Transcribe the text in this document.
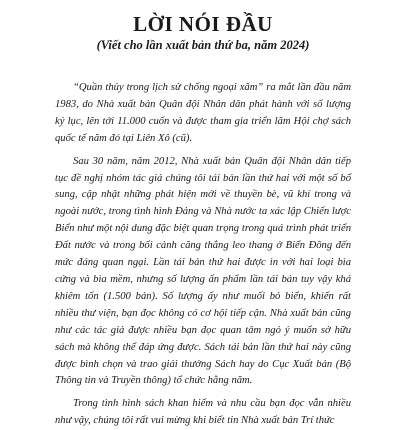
LỜI NÓI ĐẦU
(Viết cho lần xuất bản thứ ba, năm 2024)

“Quần thủy trong lịch sử chống ngoại xâm” ra mắt lần đầu năm 1983, do Nhà xuất bản Quân đội Nhân dân phát hành với số lượng kỷ lục, lên tới 11.000 cuốn và được tham gia triển lãm Hội chợ sách quốc tế năm đó tại Liên Xô (cũ).

Sau 30 năm, năm 2012, Nhà xuất bản Quân đội Nhân dân tiếp tục đề nghị nhóm tác giả chúng tôi tái bản lần thứ hai với một số bổ sung, cập nhật những phát hiện mới về thuyền bè, vũ khí trong và ngoài nước, trong tình hình Đảng và Nhà nước ta xác lập Chiến lược Biển như một nội dung đặc biệt quan trọng trong quá trình phát triển Đất nước và trong bối cảnh căng thẳng leo thang ở Biển Đông đến mức đáng quan ngại. Lần tái bản thứ hai được in với hai loại bìa cứng và bìa mềm, nhưng số lượng ấn phẩm lần tái bản tuy vậy khá khiêm tốn (1.500 bản). Số lượng ấy như muối bỏ biển, khiến rất nhiều thư viện, bạn đọc không có cơ hội tiếp cận. Nhà xuất bản cũng như các tác giả được nhiều bạn đọc quan tâm ngỏ ý muốn sở hữu sách mà không thể đáp ứng được. Sách tái bản lần thứ hai này cũng được bình chọn và trao giải thưởng Sách hay do Cục Xuất bản (Bộ Thông tin và Truyền thông) tổ chức hằng năm.

Trong tình hình sách khan hiếm và nhu cầu bạn đọc vẫn nhiều như vậy, chúng tôi rất vui mừng khi biết tin Nhà xuất bản Trí thức
